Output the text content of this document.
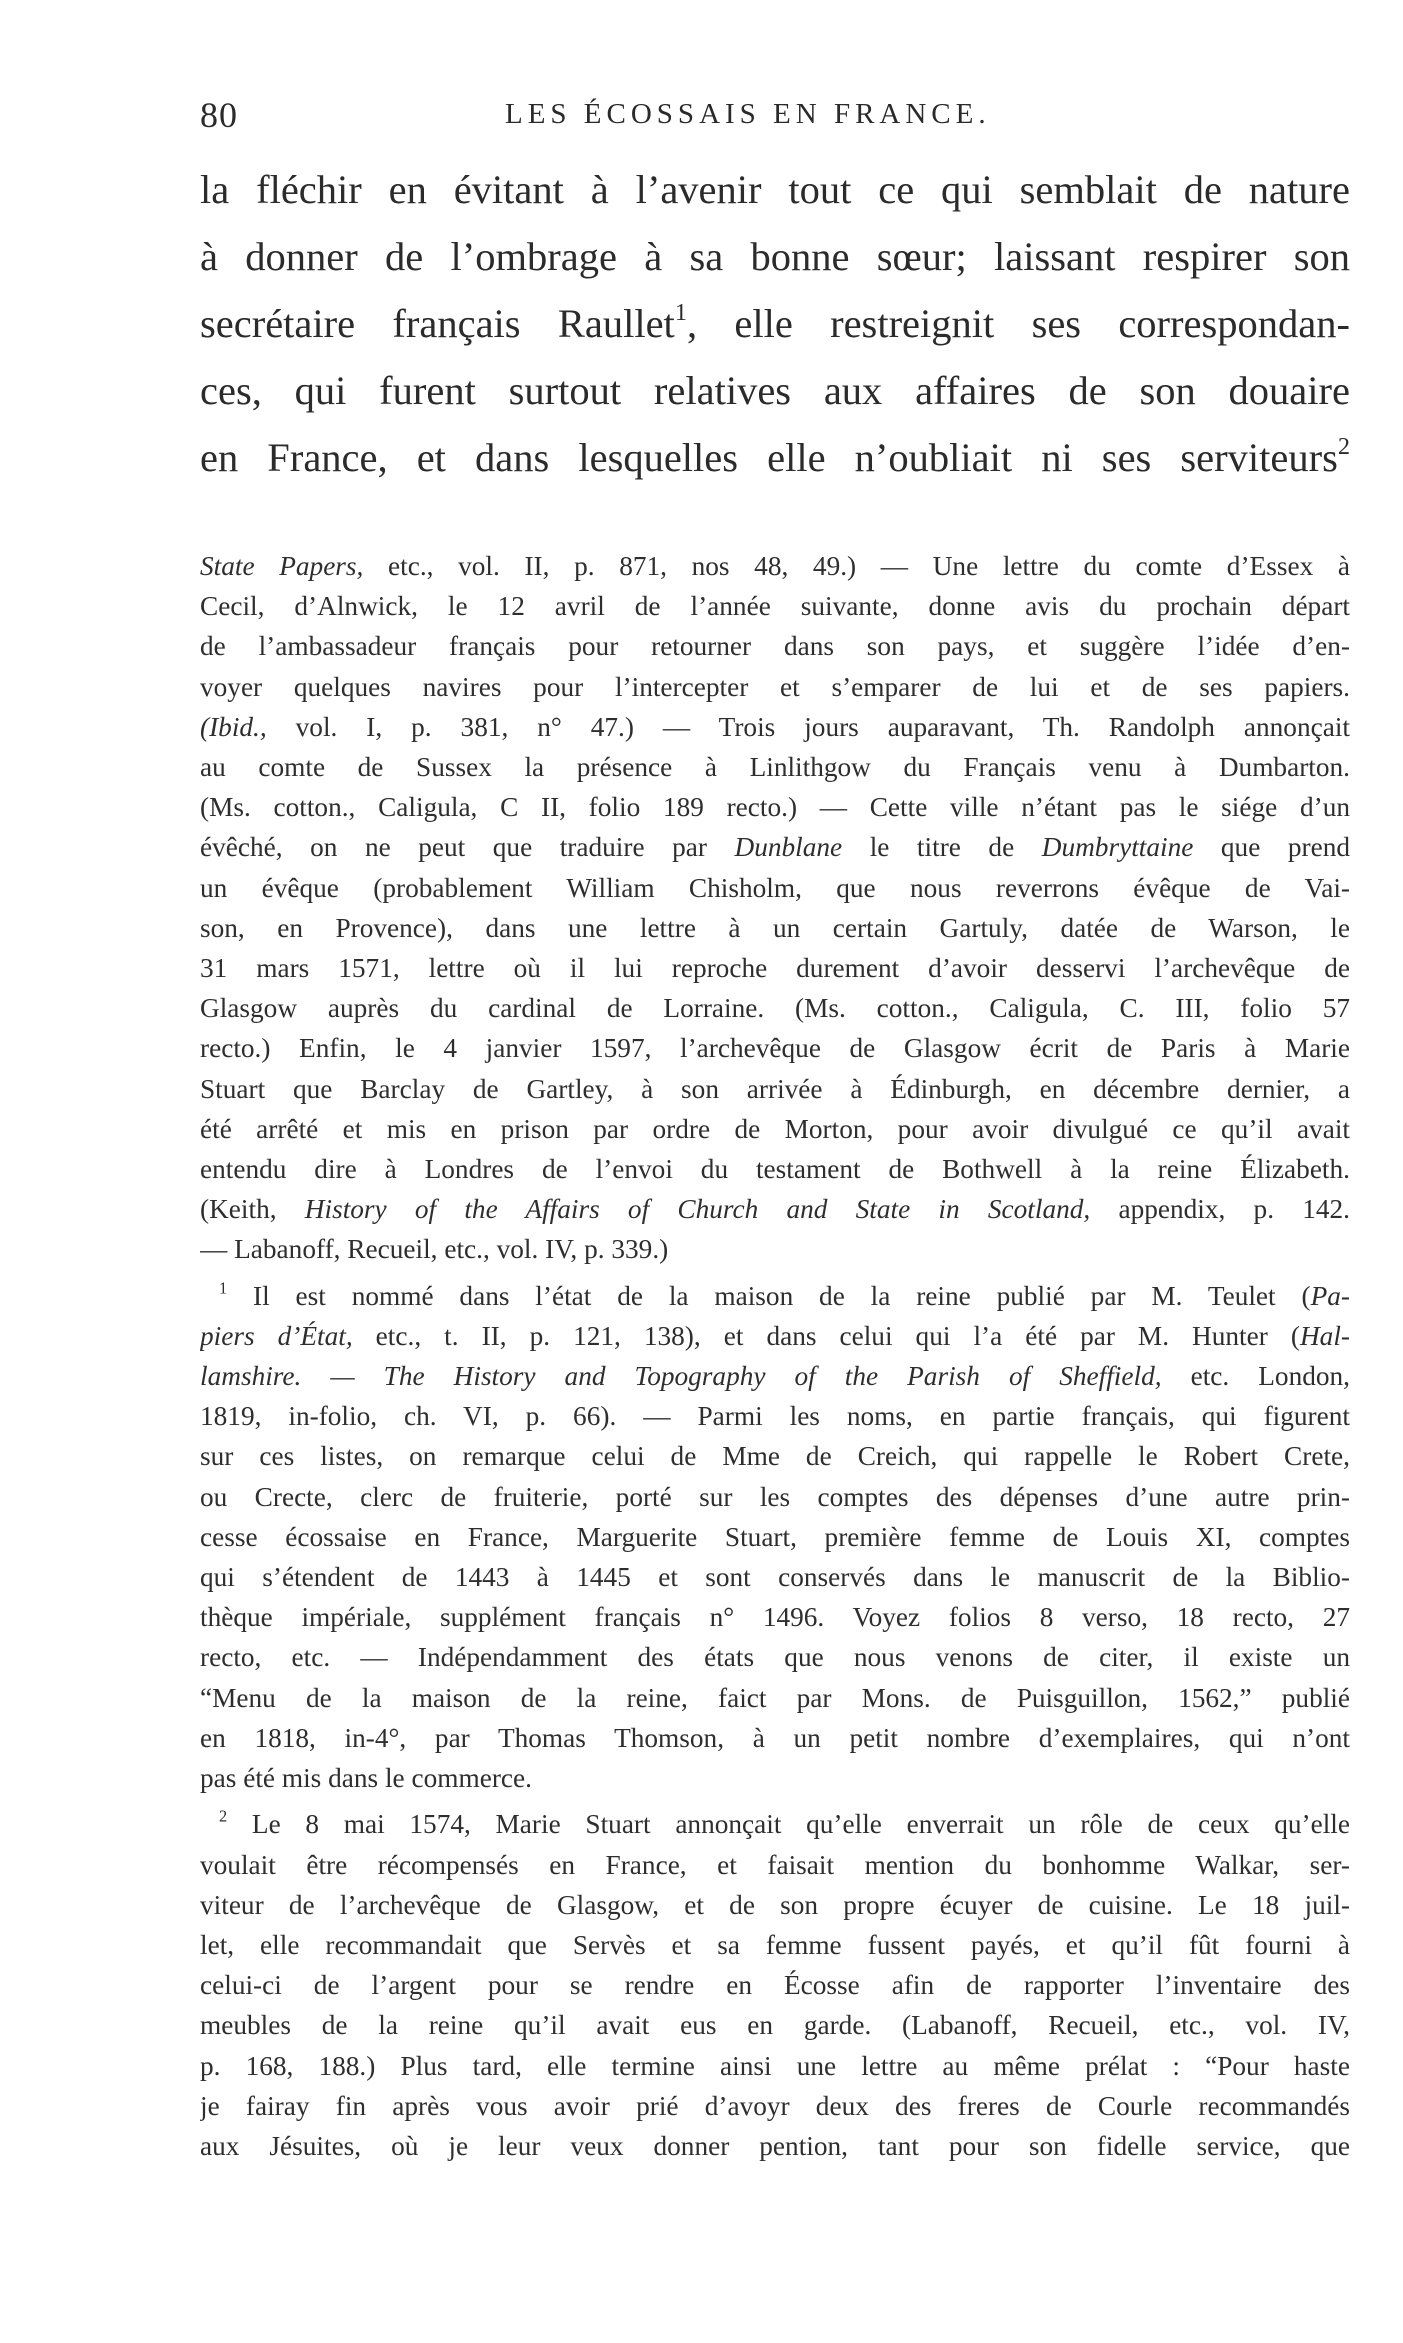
80	LES ÉCOSSAIS EN FRANCE.
la fléchir en évitant à l’avenir tout ce qui semblait de nature
à donner de l’ombrage à sa bonne sœur; laissant respirer son
secrétaire français Raullet$^1$, elle restreignit ses correspondan-
ces, qui furent surtout relatives aux affaires de son douaire
en France, et dans lesquelles elle n’oubliait ni ses serviteurs$^2$
State Papers, etc., vol. II, p. 871, nos 48, 49.) — Une lettre du comte d’Essex à
Cecil, d’Alnwick, le 12 avril de l’année suivante, donne avis du prochain départ
de l’ambassadeur français pour retourner dans son pays, et suggère l’idée d’en-
voyer quelques navires pour l’intercepter et s’emparer de lui et de ses papiers.
(Ibid., vol. I, p. 381, n° 47.) — Trois jours auparavant, Th. Randolph annonçait
au comte de Sussex la présence à Linlithgow du Français venu à Dumbarton.
(Ms. cotton., Caligula, C II, folio 189 recto.) — Cette ville n’étant pas le siége d’un
évêché, on ne peut que traduire par Dunblane le titre de Dumbryttaine que prend
un évêque (probablement William Chisholm, que nous reverrons évêque de Vai-
son, en Provence), dans une lettre à un certain Gartuly, datée de Warson, le
31 mars 1571, lettre où il lui reproche durement d’avoir desservi l’archevêque de
Glasgow auprès du cardinal de Lorraine. (Ms. cotton., Caligula, C. III, folio 57
recto.) Enfin, le 4 janvier 1597, l’archevêque de Glasgow écrit de Paris à Marie
Stuart que Barclay de Gartley, à son arrivée à Édinburgh, en décembre dernier, a
été arrêté et mis en prison par ordre de Morton, pour avoir divulgué ce qu’il avait
entendu dire à Londres de l’envoi du testament de Bothwell à la reine Élizabeth.
(Keith, History of the Affairs of Church and State in Scotland, appendix, p. 142.
— Labanoff, Recueil, etc., vol. IV, p. 339.)
$^1$ Il est nommé dans l’état de la maison de la reine publié par M. Teulet (Pa-
piers d’État, etc., t. II, p. 121, 138), et dans celui qui l’a été par M. Hunter (Hal-
lamshire. — The History and Topography of the Parish of Sheffield, etc. London,
1819, in-folio, ch. VI, p. 66). — Parmi les noms, en partie français, qui figurent
sur ces listes, on remarque celui de Mme de Creich, qui rappelle le Robert Crete,
ou Crecte, clerc de fruiterie, porté sur les comptes des dépenses d’une autre prin-
cesse écossaise en France, Marguerite Stuart, première femme de Louis XI, comptes
qui s’étendent de 1443 à 1445 et sont conservés dans le manuscrit de la Biblio-
thèque impériale, supplément français n° 1496. Voyez folios 8 verso, 18 recto, 27
recto, etc. — Indépendamment des états que nous venons de citer, il existe un
“Menu de la maison de la reine, faict par Mons. de Puisguillon, 1562,” publié
en 1818, in-4°, par Thomas Thomson, à un petit nombre d’exemplaires, qui n’ont
pas été mis dans le commerce.
$^2$ Le 8 mai 1574, Marie Stuart annonçait qu’elle enverrait un rôle de ceux qu’elle
voulait être récompensés en France, et faisait mention du bonhomme Walkar, ser-
viteur de l’archevêque de Glasgow, et de son propre écuyer de cuisine. Le 18 juil-
let, elle recommandait que Servès et sa femme fussent payés, et qu’il fût fourni à
celui-ci de l’argent pour se rendre en Écosse afin de rapporter l’inventaire des
meubles de la reine qu’il avait eus en garde. (Labanoff, Recueil, etc., vol. IV,
p. 168, 188.) Plus tard, elle termine ainsi une lettre au même prélat : “Pour haste
je fairay fin après vous avoir prié d’avoyr deux des freres de Courle recommandés
aux Jésuites, où je leur veux donner pention, tant pour son fidelle service, que
